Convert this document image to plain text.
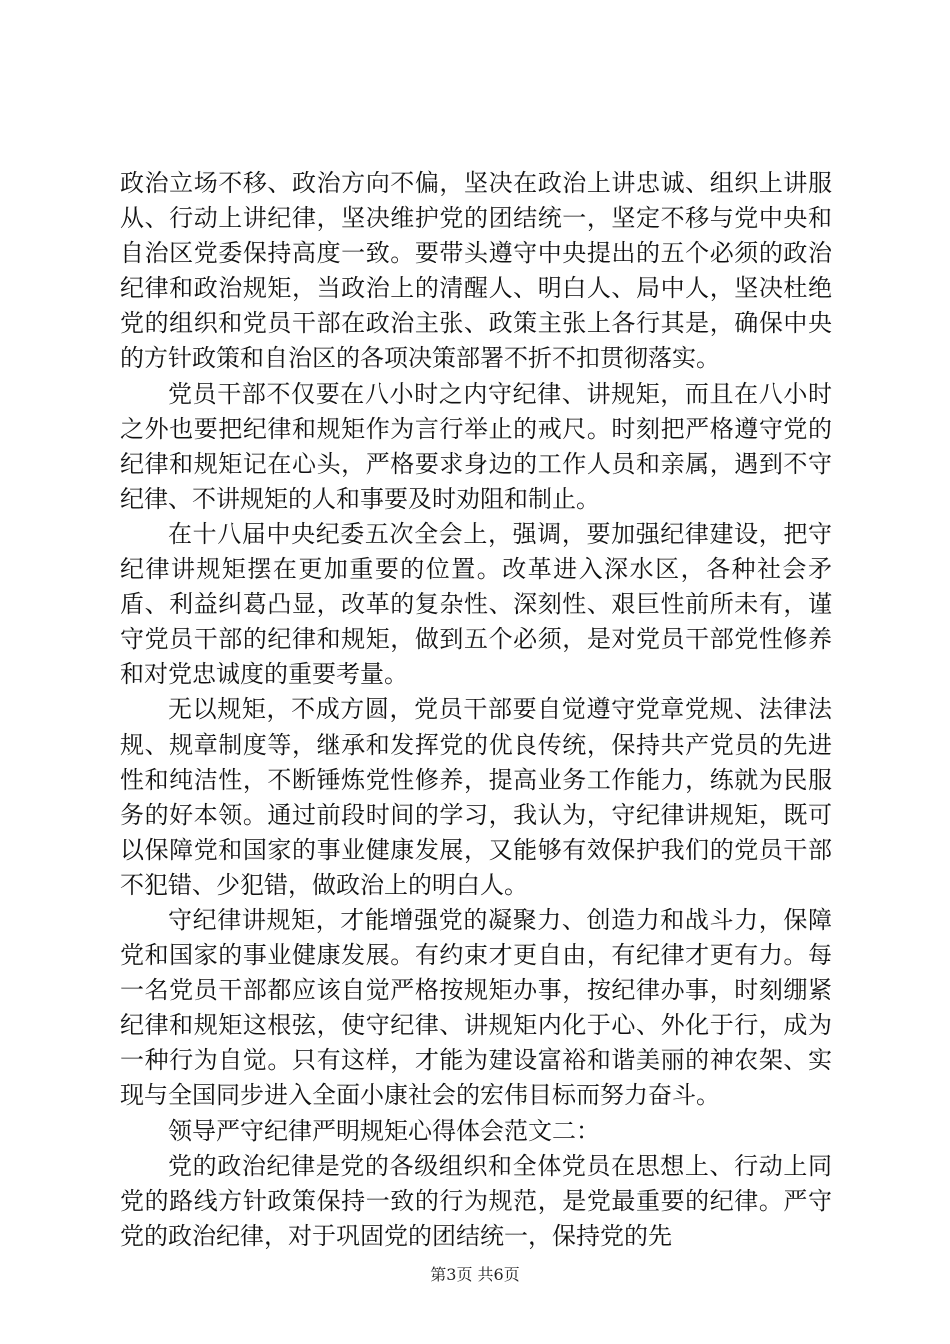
政治立场不移、政治方向不偏，坚决在政治上讲忠诚、组织上讲服从、行动上讲纪律，坚决维护党的团结统一，坚定不移与党中央和自治区党委保持高度一致。要带头遵守中央提出的五个必须的政治纪律和政治规矩，当政治上的清醒人、明白人、局中人，坚决杜绝党的组织和党员干部在政治主张、政策主张上各行其是，确保中央的方针政策和自治区的各项决策部署不折不扣贯彻落实。

党员干部不仅要在八小时之内守纪律、讲规矩，而且在八小时之外也要把纪律和规矩作为言行举止的戒尺。时刻把严格遵守党的纪律和规矩记在心头，严格要求身边的工作人员和亲属，遇到不守纪律、不讲规矩的人和事要及时劝阻和制止。

在十八届中央纪委五次全会上，强调，要加强纪律建设，把守纪律讲规矩摆在更加重要的位置。改革进入深水区，各种社会矛盾、利益纠葛凸显，改革的复杂性、深刻性、艰巨性前所未有，谨守党员干部的纪律和规矩，做到五个必须，是对党员干部党性修养和对党忠诚度的重要考量。

无以规矩，不成方圆，党员干部要自觉遵守党章党规、法律法规、规章制度等，继承和发挥党的优良传统，保持共产党员的先进性和纯洁性，不断锤炼党性修养，提高业务工作能力，练就为民服务的好本领。通过前段时间的学习，我认为，守纪律讲规矩，既可以保障党和国家的事业健康发展，又能够有效保护我们的党员干部不犯错、少犯错，做政治上的明白人。

守纪律讲规矩，才能增强党的凝聚力、创造力和战斗力，保障党和国家的事业健康发展。有约束才更自由，有纪律才更有力。每一名党员干部都应该自觉严格按规矩办事，按纪律办事，时刻绷紧纪律和规矩这根弦，使守纪律、讲规矩内化于心、外化于行，成为一种行为自觉。只有这样，才能为建设富裕和谐美丽的神农架、实现与全国同步进入全面小康社会的宏伟目标而努力奋斗。

领导严守纪律严明规矩心得体会范文二：

党的政治纪律是党的各级组织和全体党员在思想上、行动上同党的路线方针政策保持一致的行为规范，是党最重要的纪律。严守党的政治纪律，对于巩固党的团结统一，保持党的先

第3页 共6页
